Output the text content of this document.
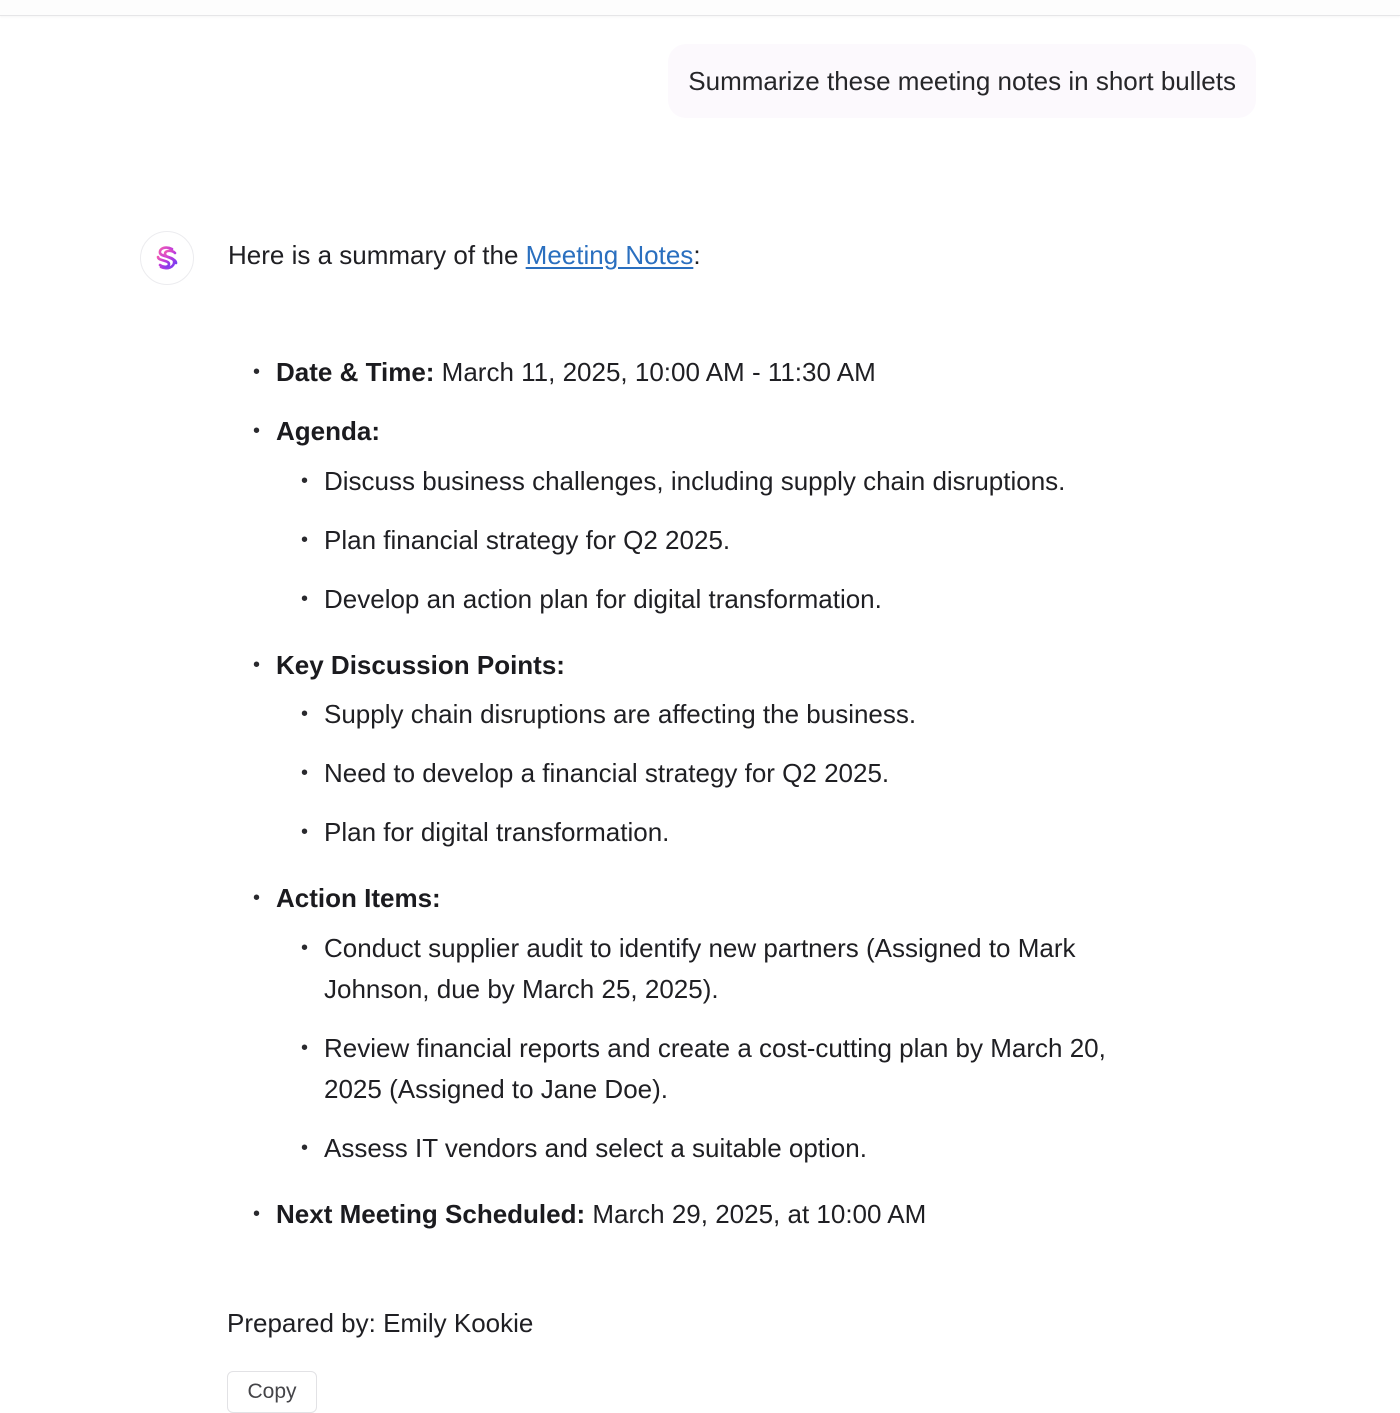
Summarize these meeting notes in short bullets
Here is a summary of the Meeting Notes:
• Date & Time: March 11, 2025, 10:00 AM - 11:30 AM
• Agenda:
• Discuss business challenges, including supply chain disruptions.
• Plan financial strategy for Q2 2025.
• Develop an action plan for digital transformation.
• Key Discussion Points:
• Supply chain disruptions are affecting the business.
• Need to develop a financial strategy for Q2 2025.
• Plan for digital transformation.
• Action Items:
• Conduct supplier audit to identify new partners (Assigned to Mark Johnson, due by March 25, 2025).
• Review financial reports and create a cost-cutting plan by March 20, 2025 (Assigned to Jane Doe).
• Assess IT vendors and select a suitable option.
• Next Meeting Scheduled: March 29, 2025, at 10:00 AM
Prepared by: Emily Kookie
Copy
